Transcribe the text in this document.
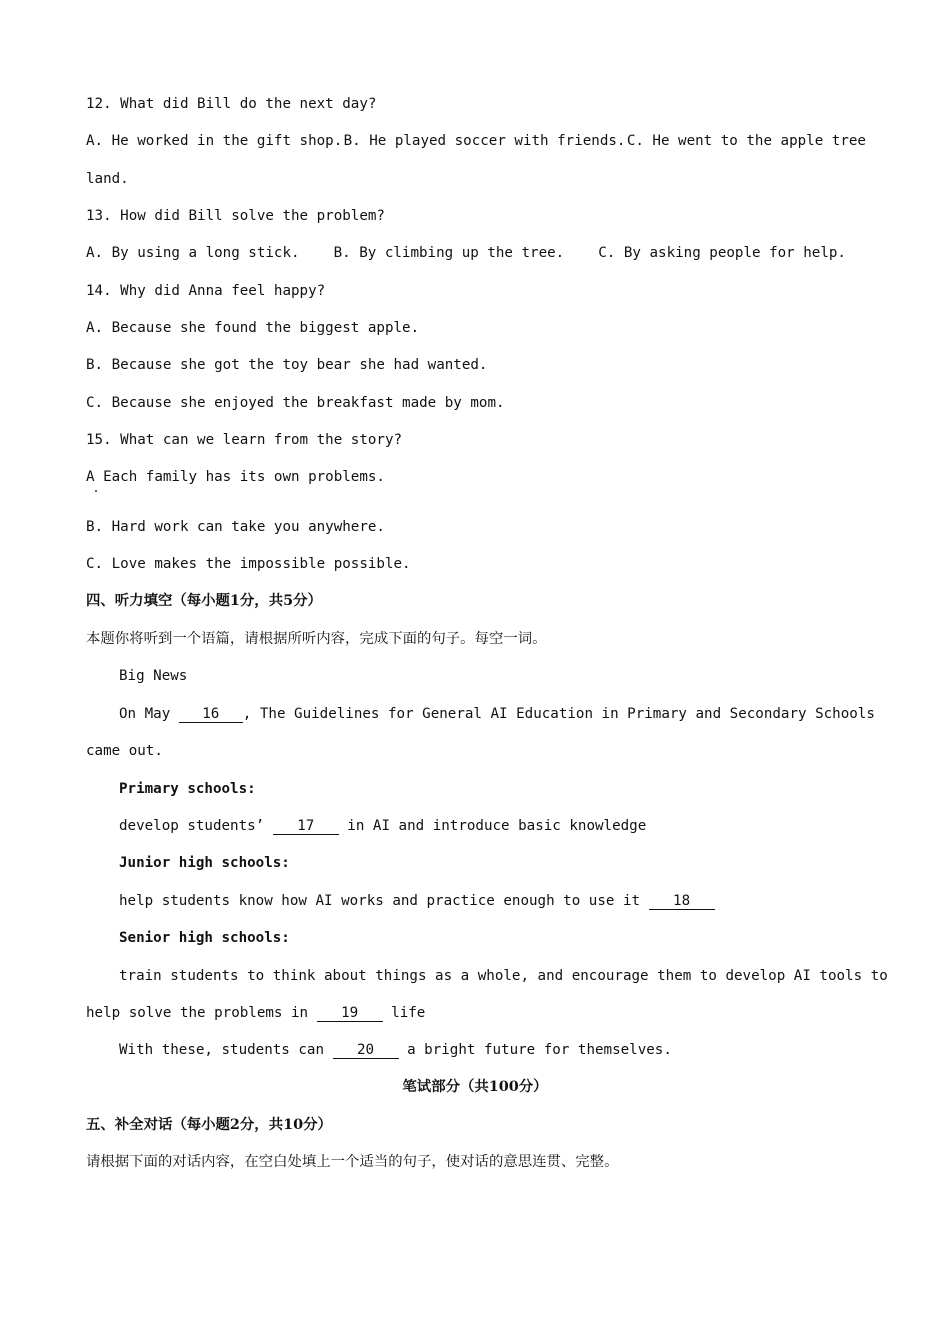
12. What did Bill do the next day?
A. He worked in the gift shop. B. He played soccer with friends. C. He went to the apple tree
land.
13. How did Bill solve the problem?
A. By using a long stick. B. By climbing up the tree. C. By asking people for help.
14. Why did Anna feel happy?
A. Because she found the biggest apple.
B. Because she got the toy bear she had wanted.
C. Because she enjoyed the breakfast made by mom.
15. What can we learn from the story?
A Each family has its own problems.
B. Hard work can take you anywhere.
C. Love makes the impossible possible.
四、听力填空（每小题1分，共5分）
本题你将听到一个语篇，请根据所听内容，完成下面的句子。每空一词。
Big News
On May 16 , The Guidelines for General AI Education in Primary and Secondary Schools
came out.
Primary schools:
develop students’ 17 in AI and introduce basic knowledge
Junior high schools:
help students know how AI works and practice enough to use it 18
Senior high schools:
train students to think about things as a whole, and encourage them to develop AI tools to
help solve the problems in 19 life
With these, students can 20 a bright future for themselves.
笔试部分（共100分）
五、补全对话（每小题2分，共10分）
请根据下面的对话内容，在空白处填上一个适当的句子，使对话的意思连贯、完整。
